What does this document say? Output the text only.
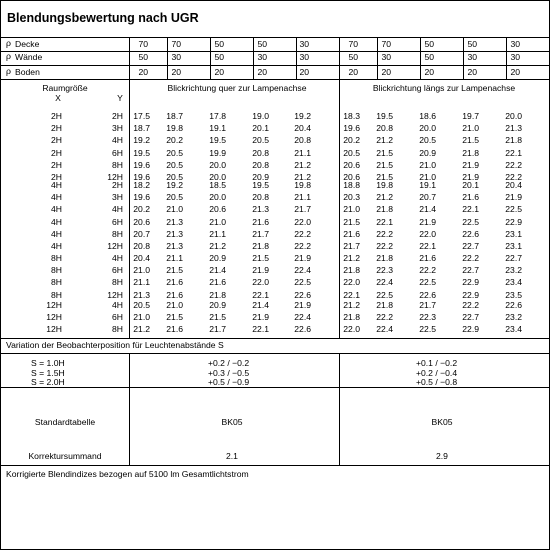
Blendungsbewertung nach UGR
ρ Decke	70	70	50	50	30	70	70	50	50	30
ρ Wände	50	30	50	30	30	50	30	50	30	30
ρ Boden	20	20	20	20	20	20	20	20	20	20
Raumgröße
X	Y
Blickrichtung quer zur Lampenachse	Blickrichtung längs zur Lampenachse
2H	2H	17.5	18.7	17.8	19.0	19.2	18.3	19.5	18.6	19.7	20.0
2H	3H	18.7	19.8	19.1	20.1	20.4	19.6	20.8	20.0	21.0	21.3
2H	4H	19.2	20.2	19.5	20.5	20.8	20.2	21.2	20.5	21.5	21.8
2H	6H	19.5	20.5	19.9	20.8	21.1	20.5	21.5	20.9	21.8	22.1
2H	8H	19.6	20.5	20.0	20.8	21.2	20.6	21.5	21.0	21.9	22.2
2H	12H	19.6	20.5	20.0	20.9	21.2	20.6	21.5	21.0	21.9	22.2
4H	2H	18.2	19.2	18.5	19.5	19.8	18.8	19.8	19.1	20.1	20.4
4H	3H	19.6	20.5	20.0	20.8	21.1	20.3	21.2	20.7	21.6	21.9
4H	4H	20.2	21.0	20.6	21.3	21.7	21.0	21.8	21.4	22.1	22.5
4H	6H	20.6	21.3	21.0	21.6	22.0	21.5	22.1	21.9	22.5	22.9
4H	8H	20.7	21.3	21.1	21.7	22.2	21.6	22.2	22.0	22.6	23.1
4H	12H	20.8	21.3	21.2	21.8	22.2	21.7	22.2	22.1	22.7	23.1
8H	4H	20.4	21.1	20.9	21.5	21.9	21.2	21.8	21.6	22.2	22.7
8H	6H	21.0	21.5	21.4	21.9	22.4	21.8	22.3	22.2	22.7	23.2
8H	8H	21.1	21.6	21.6	22.0	22.5	22.0	22.4	22.5	22.9	23.4
8H	12H	21.3	21.6	21.8	22.1	22.6	22.1	22.5	22.6	22.9	23.5
12H	4H	20.5	21.0	20.9	21.4	21.9	21.2	21.8	21.7	22.2	22.6
12H	6H	21.0	21.5	21.5	21.9	22.4	21.8	22.2	22.3	22.7	23.2
12H	8H	21.2	21.6	21.7	22.1	22.6	22.0	22.4	22.5	22.9	23.4
Variation der Beobachterposition für Leuchtenabstände S
S = 1.0H	+0.2 / −0.2	+0.1 / −0.2
S = 1.5H	+0.3 / −0.5	+0.2 / −0.4
S = 2.0H	+0.5 / −0.9	+0.5 / −0.8
Standardtabelle	BK05	BK05
Korrektursummand	2.1	2.9
Korrigierte Blendindizes bezogen auf 5100 lm Gesamtlichtstrom
